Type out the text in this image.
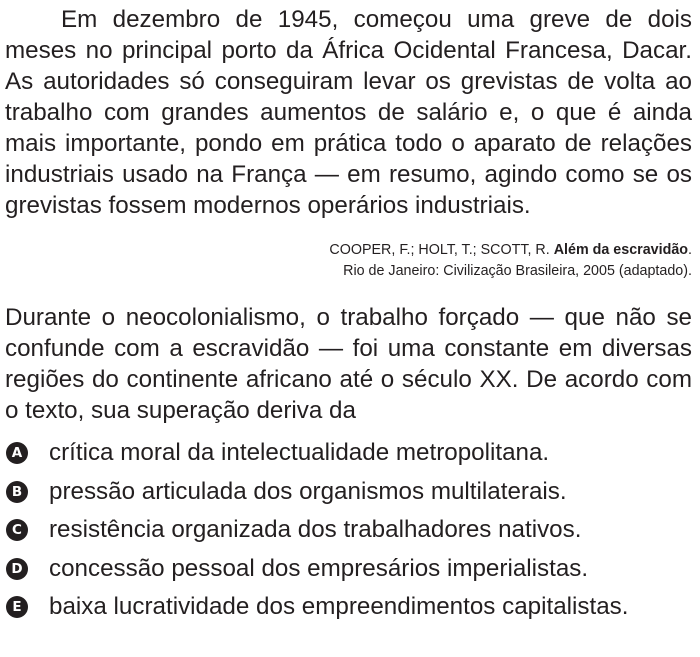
Em dezembro de 1945, começou uma greve de dois meses no principal porto da África Ocidental Francesa, Dacar. As autoridades só conseguiram levar os grevistas de volta ao trabalho com grandes aumentos de salário e, o que é ainda mais importante, pondo em prática todo o aparato de relações industriais usado na França — em resumo, agindo como se os grevistas fossem modernos operários industriais.

COOPER, F.; HOLT, T.; SCOTT, R. Além da escravidão.
Rio de Janeiro: Civilização Brasileira, 2005 (adaptado).

Durante o neocolonialismo, o trabalho forçado — que não se confunde com a escravidão — foi uma constante em diversas regiões do continente africano até o século XX. De acordo com o texto, sua superação deriva da

A crítica moral da intelectualidade metropolitana.
B pressão articulada dos organismos multilaterais.
C resistência organizada dos trabalhadores nativos.
D concessão pessoal dos empresários imperialistas.
E baixa lucratividade dos empreendimentos capitalistas.
